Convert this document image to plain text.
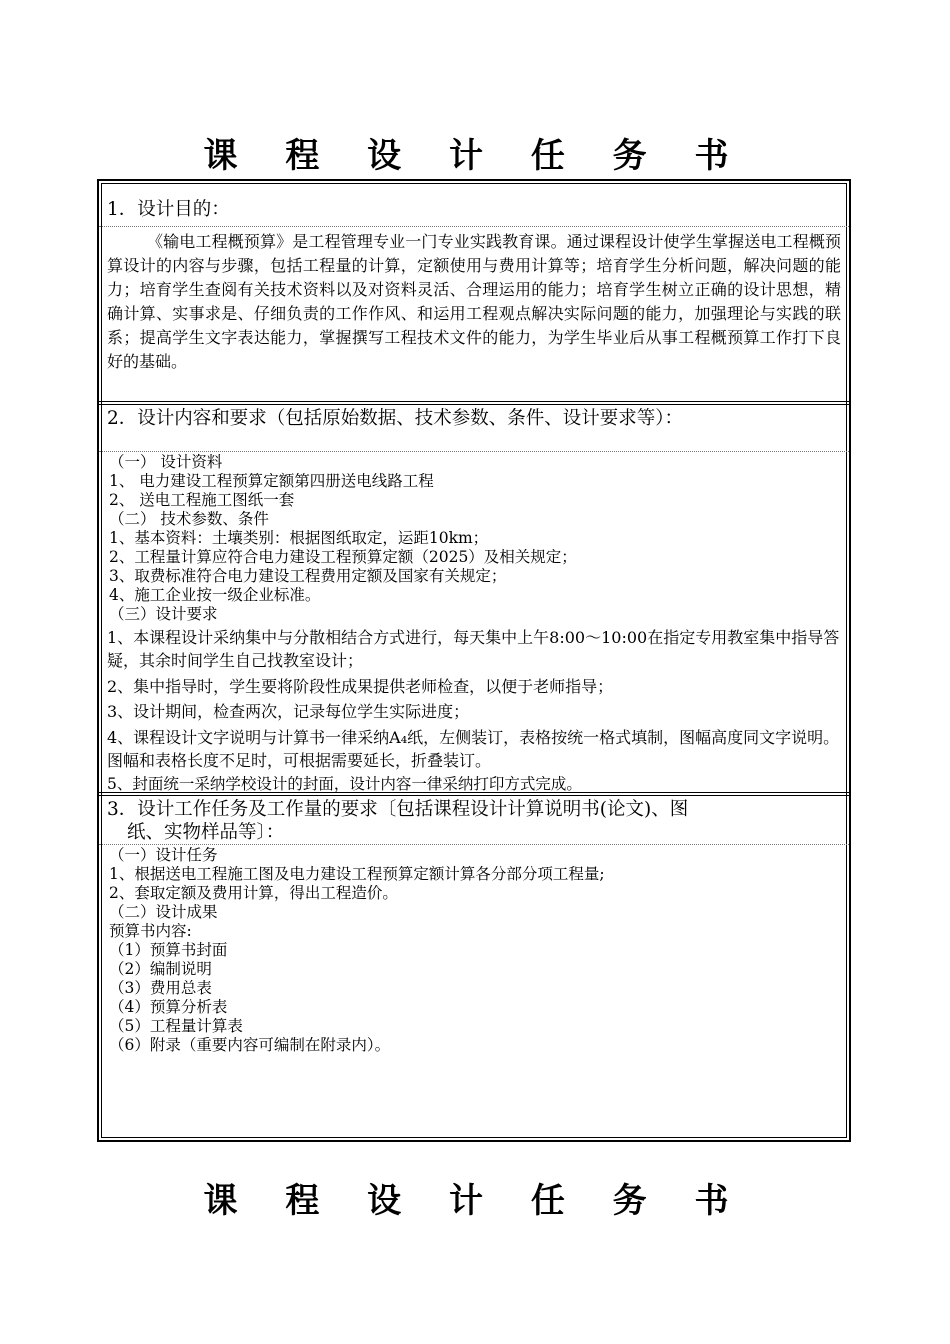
课 程 设 计 任 务 书
1．设计目的：
《输电工程概预算》是工程管理专业一门专业实践教育课。通过课程设计使学生掌握送电工程概预算设计的内容与步骤，包括工程量的计算，定额使用与费用计算等；培育学生分析问题，解决问题的能力；培育学生查阅有关技术资料以及对资料灵活、合理运用的能力；培育学生树立正确的设计思想，精确计算、实事求是、仔细负责的工作作风、和运用工程观点解决实际问题的能力，加强理论与实践的联系；提高学生文字表达能力，掌握撰写工程技术文件的能力，为学生毕业后从事工程概预算工作打下良好的基础。
2．设计内容和要求（包括原始数据、技术参数、条件、设计要求等）：
（一） 设计资料
1、 电力建设工程预算定额第四册送电线路工程
2、 送电工程施工图纸一套
（二） 技术参数、条件
1、基本资料：土壤类别：根据图纸取定，运距10km；
2、工程量计算应符合电力建设工程预算定额（2025）及相关规定；
3、取费标准符合电力建设工程费用定额及国家有关规定；
4、施工企业按一级企业标准。
（三）设计要求
1、本课程设计采纳集中与分散相结合方式进行，每天集中上午8:00～10:00在指定专用教室集中指导答疑，其余时间学生自己找教室设计；
2、集中指导时，学生要将阶段性成果提供老师检查，以便于老师指导；
3、设计期间，检查两次，记录每位学生实际进度；
4、课程设计文字说明与计算书一律采纳A₄纸，左侧装订，表格按统一格式填制，图幅高度同文字说明。图幅和表格长度不足时，可根据需要延长，折叠装订。
5、封面统一采纳学校设计的封面，设计内容一律采纳打印方式完成。
3．设计工作任务及工作量的要求〔包括课程设计计算说明书(论文)、图
纸、实物样品等〕：
（一）设计任务
1、根据送电工程施工图及电力建设工程预算定额计算各分部分项工程量;
2、套取定额及费用计算，得出工程造价。
（二）设计成果
预算书内容:
（1）预算书封面
（2）编制说明
（3）费用总表
（4）预算分析表
（5）工程量计算表
（6）附录（重要内容可编制在附录内）。
课 程 设 计 任 务 书
